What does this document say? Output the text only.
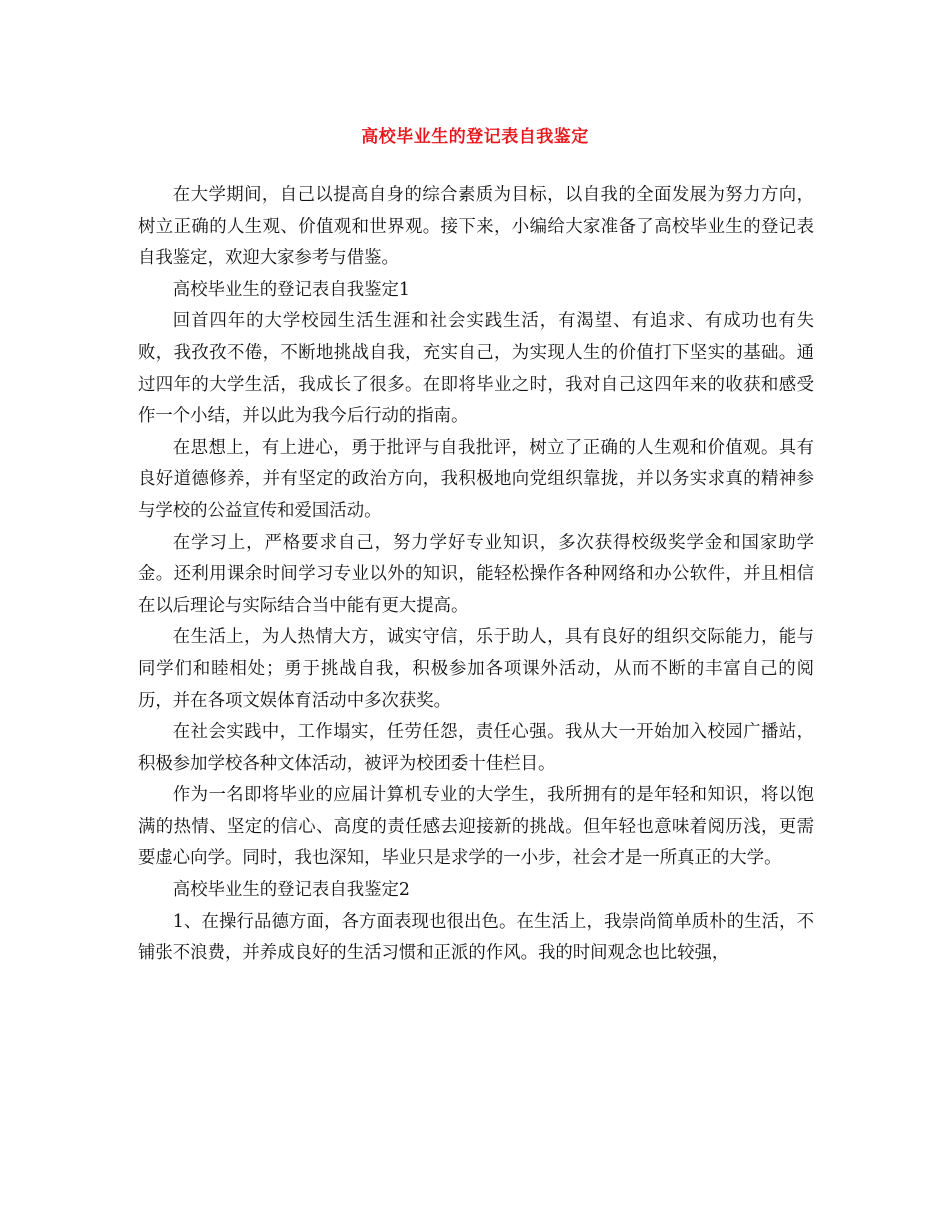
高校毕业生的登记表自我鉴定

在大学期间，自己以提高自身的综合素质为目标，以自我的全面发展为努力方向，树立正确的人生观、价值观和世界观。接下来，小编给大家准备了高校毕业生的登记表自我鉴定，欢迎大家参考与借鉴。

高校毕业生的登记表自我鉴定1

回首四年的大学校园生活生涯和社会实践生活，有渴望、有追求、有成功也有失败，我孜孜不倦，不断地挑战自我，充实自己，为实现人生的价值打下坚实的基础。通过四年的大学生活，我成长了很多。在即将毕业之时，我对自己这四年来的收获和感受作一个小结，并以此为我今后行动的指南。

在思想上，有上进心，勇于批评与自我批评，树立了正确的人生观和价值观。具有良好道德修养，并有坚定的政治方向，我积极地向党组织靠拢，并以务实求真的精神参与学校的公益宣传和爱国活动。

在学习上，严格要求自己，努力学好专业知识，多次获得校级奖学金和国家助学金。还利用课余时间学习专业以外的知识，能轻松操作各种网络和办公软件，并且相信在以后理论与实际结合当中能有更大提高。

在生活上，为人热情大方，诚实守信，乐于助人，具有良好的组织交际能力，能与同学们和睦相处；勇于挑战自我，积极参加各项课外活动，从而不断的丰富自己的阅历，并在各项文娱体育活动中多次获奖。

在社会实践中，工作塌实，任劳任怨，责任心强。我从大一开始加入校园广播站，积极参加学校各种文体活动，被评为校团委十佳栏目。

作为一名即将毕业的应届计算机专业的大学生，我所拥有的是年轻和知识，将以饱满的热情、坚定的信心、高度的责任感去迎接新的挑战。但年轻也意味着阅历浅，更需要虚心向学。同时，我也深知，毕业只是求学的一小步，社会才是一所真正的大学。

高校毕业生的登记表自我鉴定2

1、在操行品德方面，各方面表现也很出色。在生活上，我崇尚简单质朴的生活，不铺张不浪费，并养成良好的生活习惯和正派的作风。我的时间观念也比较强，
